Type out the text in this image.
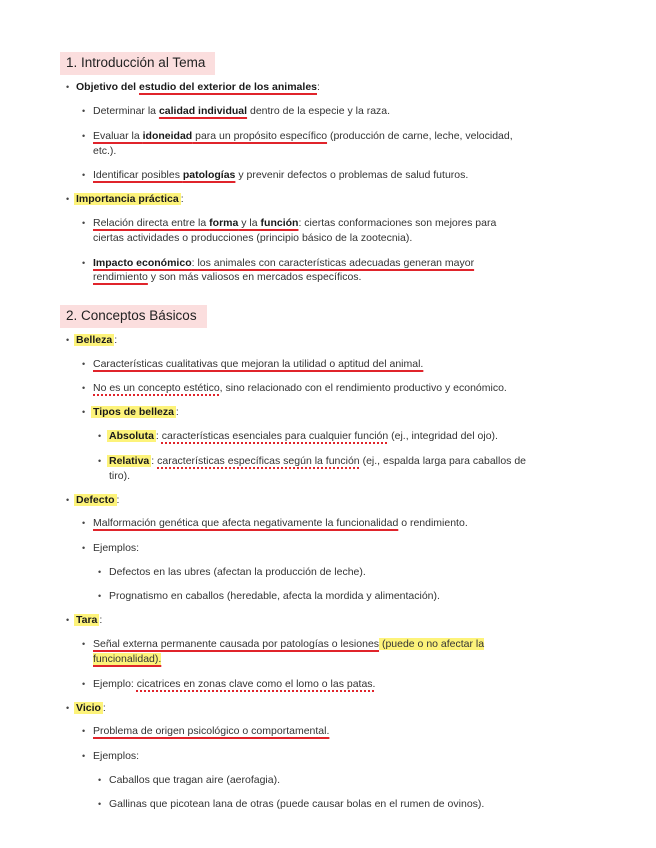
1. Introducción al Tema
• Objetivo del estudio del exterior de los animales:
• Determinar la calidad individual dentro de la especie y la raza.
• Evaluar la idoneidad para un propósito específico (producción de carne, leche, velocidad,
etc.).
• Identificar posibles patologías y prevenir defectos o problemas de salud futuros.
• Importancia práctica :
• Relación directa entre la forma y la función: ciertas conformaciones son mejores para
ciertas actividades o producciones (principio básico de la zootecnia).
• Impacto económico: los animales con características adecuadas generan mayor
rendimiento y son más valiosos en mercados específicos.
2. Conceptos Básicos
• Belleza :
• Características cualitativas que mejoran la utilidad o aptitud del animal.
• No es un concepto estético, sino relacionado con el rendimiento productivo y económico.
• Tipos de belleza :
• Absoluta : características esenciales para cualquier función (ej., integridad del ojo).
• Relativa : características específicas según la función (ej., espalda larga para caballos de
tiro).
• Defecto :
• Malformación genética que afecta negativamente la funcionalidad o rendimiento.
• Ejemplos:
• Defectos en las ubres (afectan la producción de leche).
• Prognatismo en caballos (heredable, afecta la mordida y alimentación).
• Tara :
• Señal externa permanente causada por patologías o lesiones (puede o no afectar la
funcionalidad).
• Ejemplo: cicatrices en zonas clave como el lomo o las patas.
• Vicio :
• Problema de origen psicológico o comportamental.
• Ejemplos:
• Caballos que tragan aire (aerofagia).
• Gallinas que picotean lana de otras (puede causar bolas en el rumen de ovinos).
